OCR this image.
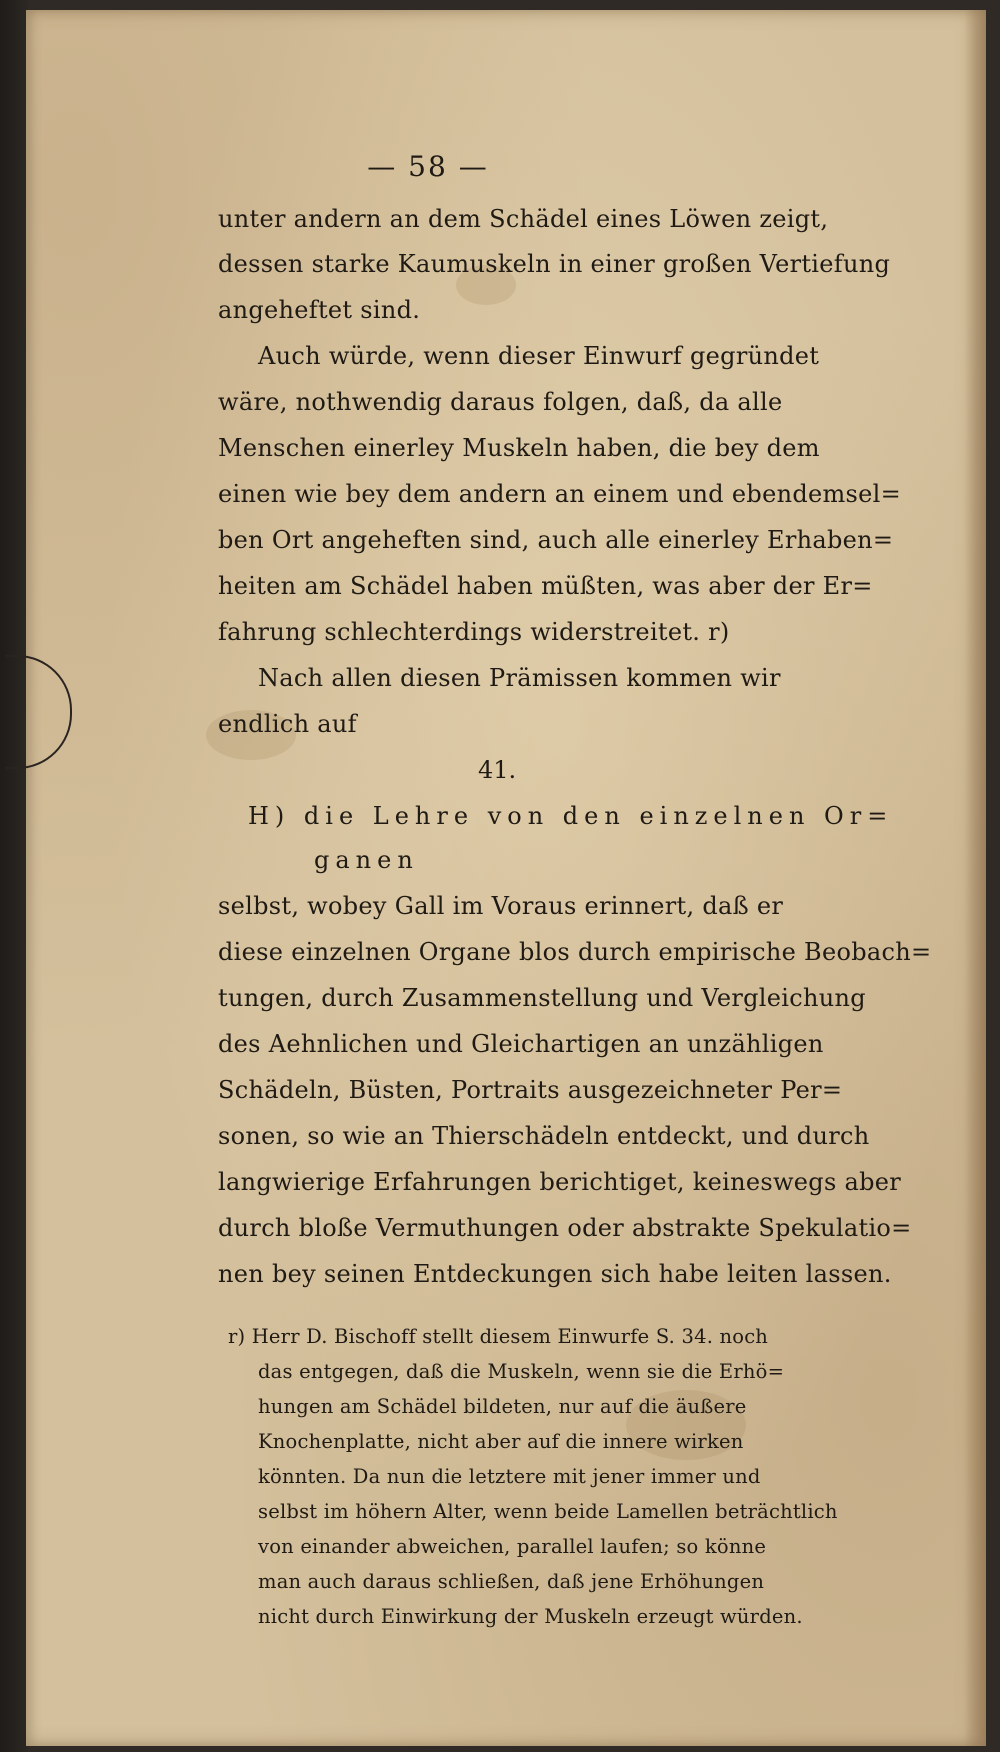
— 58 —
unter andern an dem Schädel eines Löwen zeigt,
dessen starke Kaumuskeln in einer großen Vertiefung
angeheftet sind.
Auch würde, wenn dieser Einwurf gegründet
wäre, nothwendig daraus folgen, daß, da alle
Menschen einerley Muskeln haben, die bey dem
einen wie bey dem andern an einem und ebendemsel=
ben Ort angeheften sind, auch alle einerley Erhaben=
heiten am Schädel haben müßten, was aber der Er=
fahrung schlechterdings widerstreitet. r)
Nach allen diesen Prämissen kommen wir
endlich auf
41.
H) die Lehre von den einzelnen Or=
ganen
selbst, wobey Gall im Voraus erinnert, daß er
diese einzelnen Organe blos durch empirische Beobach=
tungen, durch Zusammenstellung und Vergleichung
des Aehnlichen und Gleichartigen an unzähligen
Schädeln, Büsten, Portraits ausgezeichneter Per=
sonen, so wie an Thierschädeln entdeckt, und durch
langwierige Erfahrungen berichtiget, keineswegs aber
durch bloße Vermuthungen oder abstrakte Spekulatio=
nen bey seinen Entdeckungen sich habe leiten lassen.
r) Herr D. Bischoff stellt diesem Einwurfe S. 34. noch
das entgegen, daß die Muskeln, wenn sie die Erhö=
hungen am Schädel bildeten, nur auf die äußere
Knochenplatte, nicht aber auf die innere wirken
könnten. Da nun die letztere mit jener immer und
selbst im höhern Alter, wenn beide Lamellen beträchtlich
von einander abweichen, parallel laufen; so könne
man auch daraus schließen, daß jene Erhöhungen
nicht durch Einwirkung der Muskeln erzeugt würden.
